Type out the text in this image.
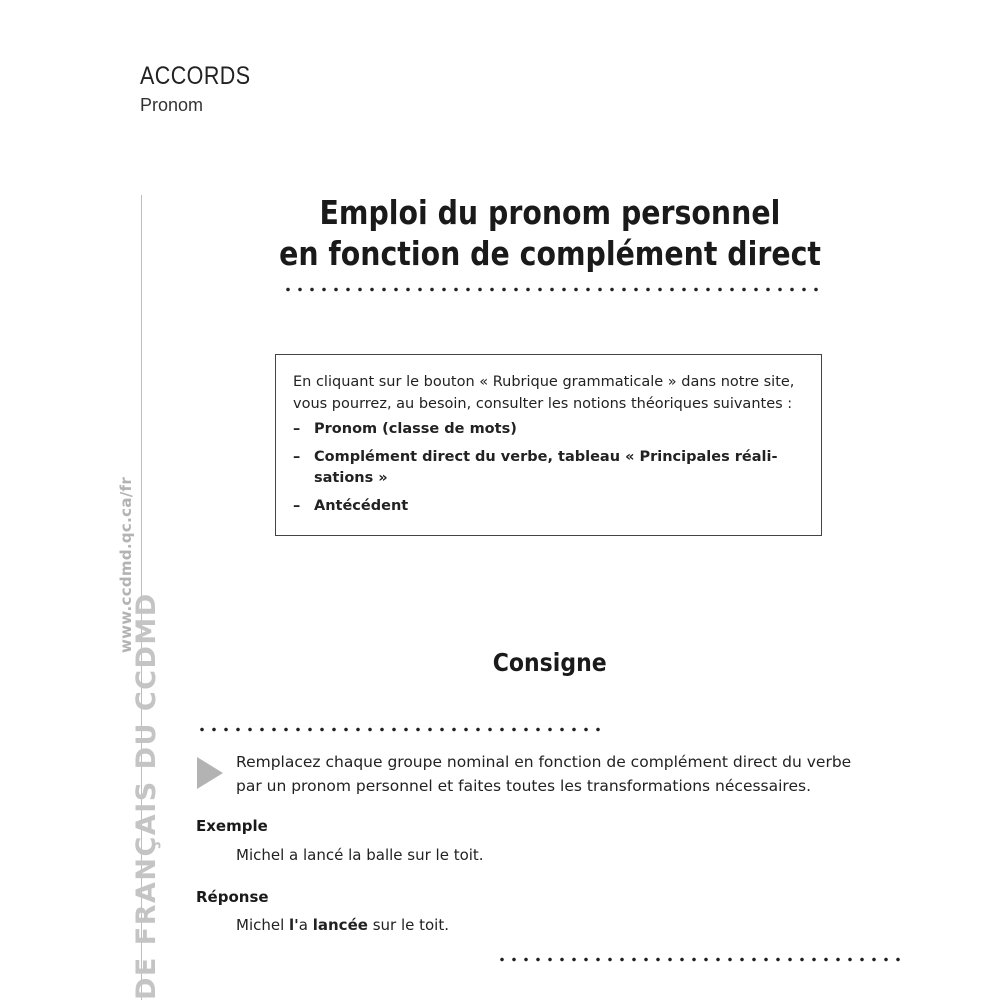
ACCORDS
Pronom
DE FRANÇAIS DU CCDMD
www.ccdmd.qc.ca/fr
Emploi du pronom personnel
en fonction de complément direct

En cliquant sur le bouton « Rubrique grammaticale » dans notre site,

vous pourrez, au besoin, consulter les notions théoriques suivantes :

– Pronom (classe de mots)
– Complément direct du verbe, tableau « Principales réali-
sations »
– Antécédent
Consigne
Remplacez chaque groupe nominal en fonction de complément direct du verbe
par un pronom personnel et faites toutes les transformations nécessaires.
Exemple
Michel a lancé la balle sur le toit.
Réponse
Michel l'a lancée sur le toit.
